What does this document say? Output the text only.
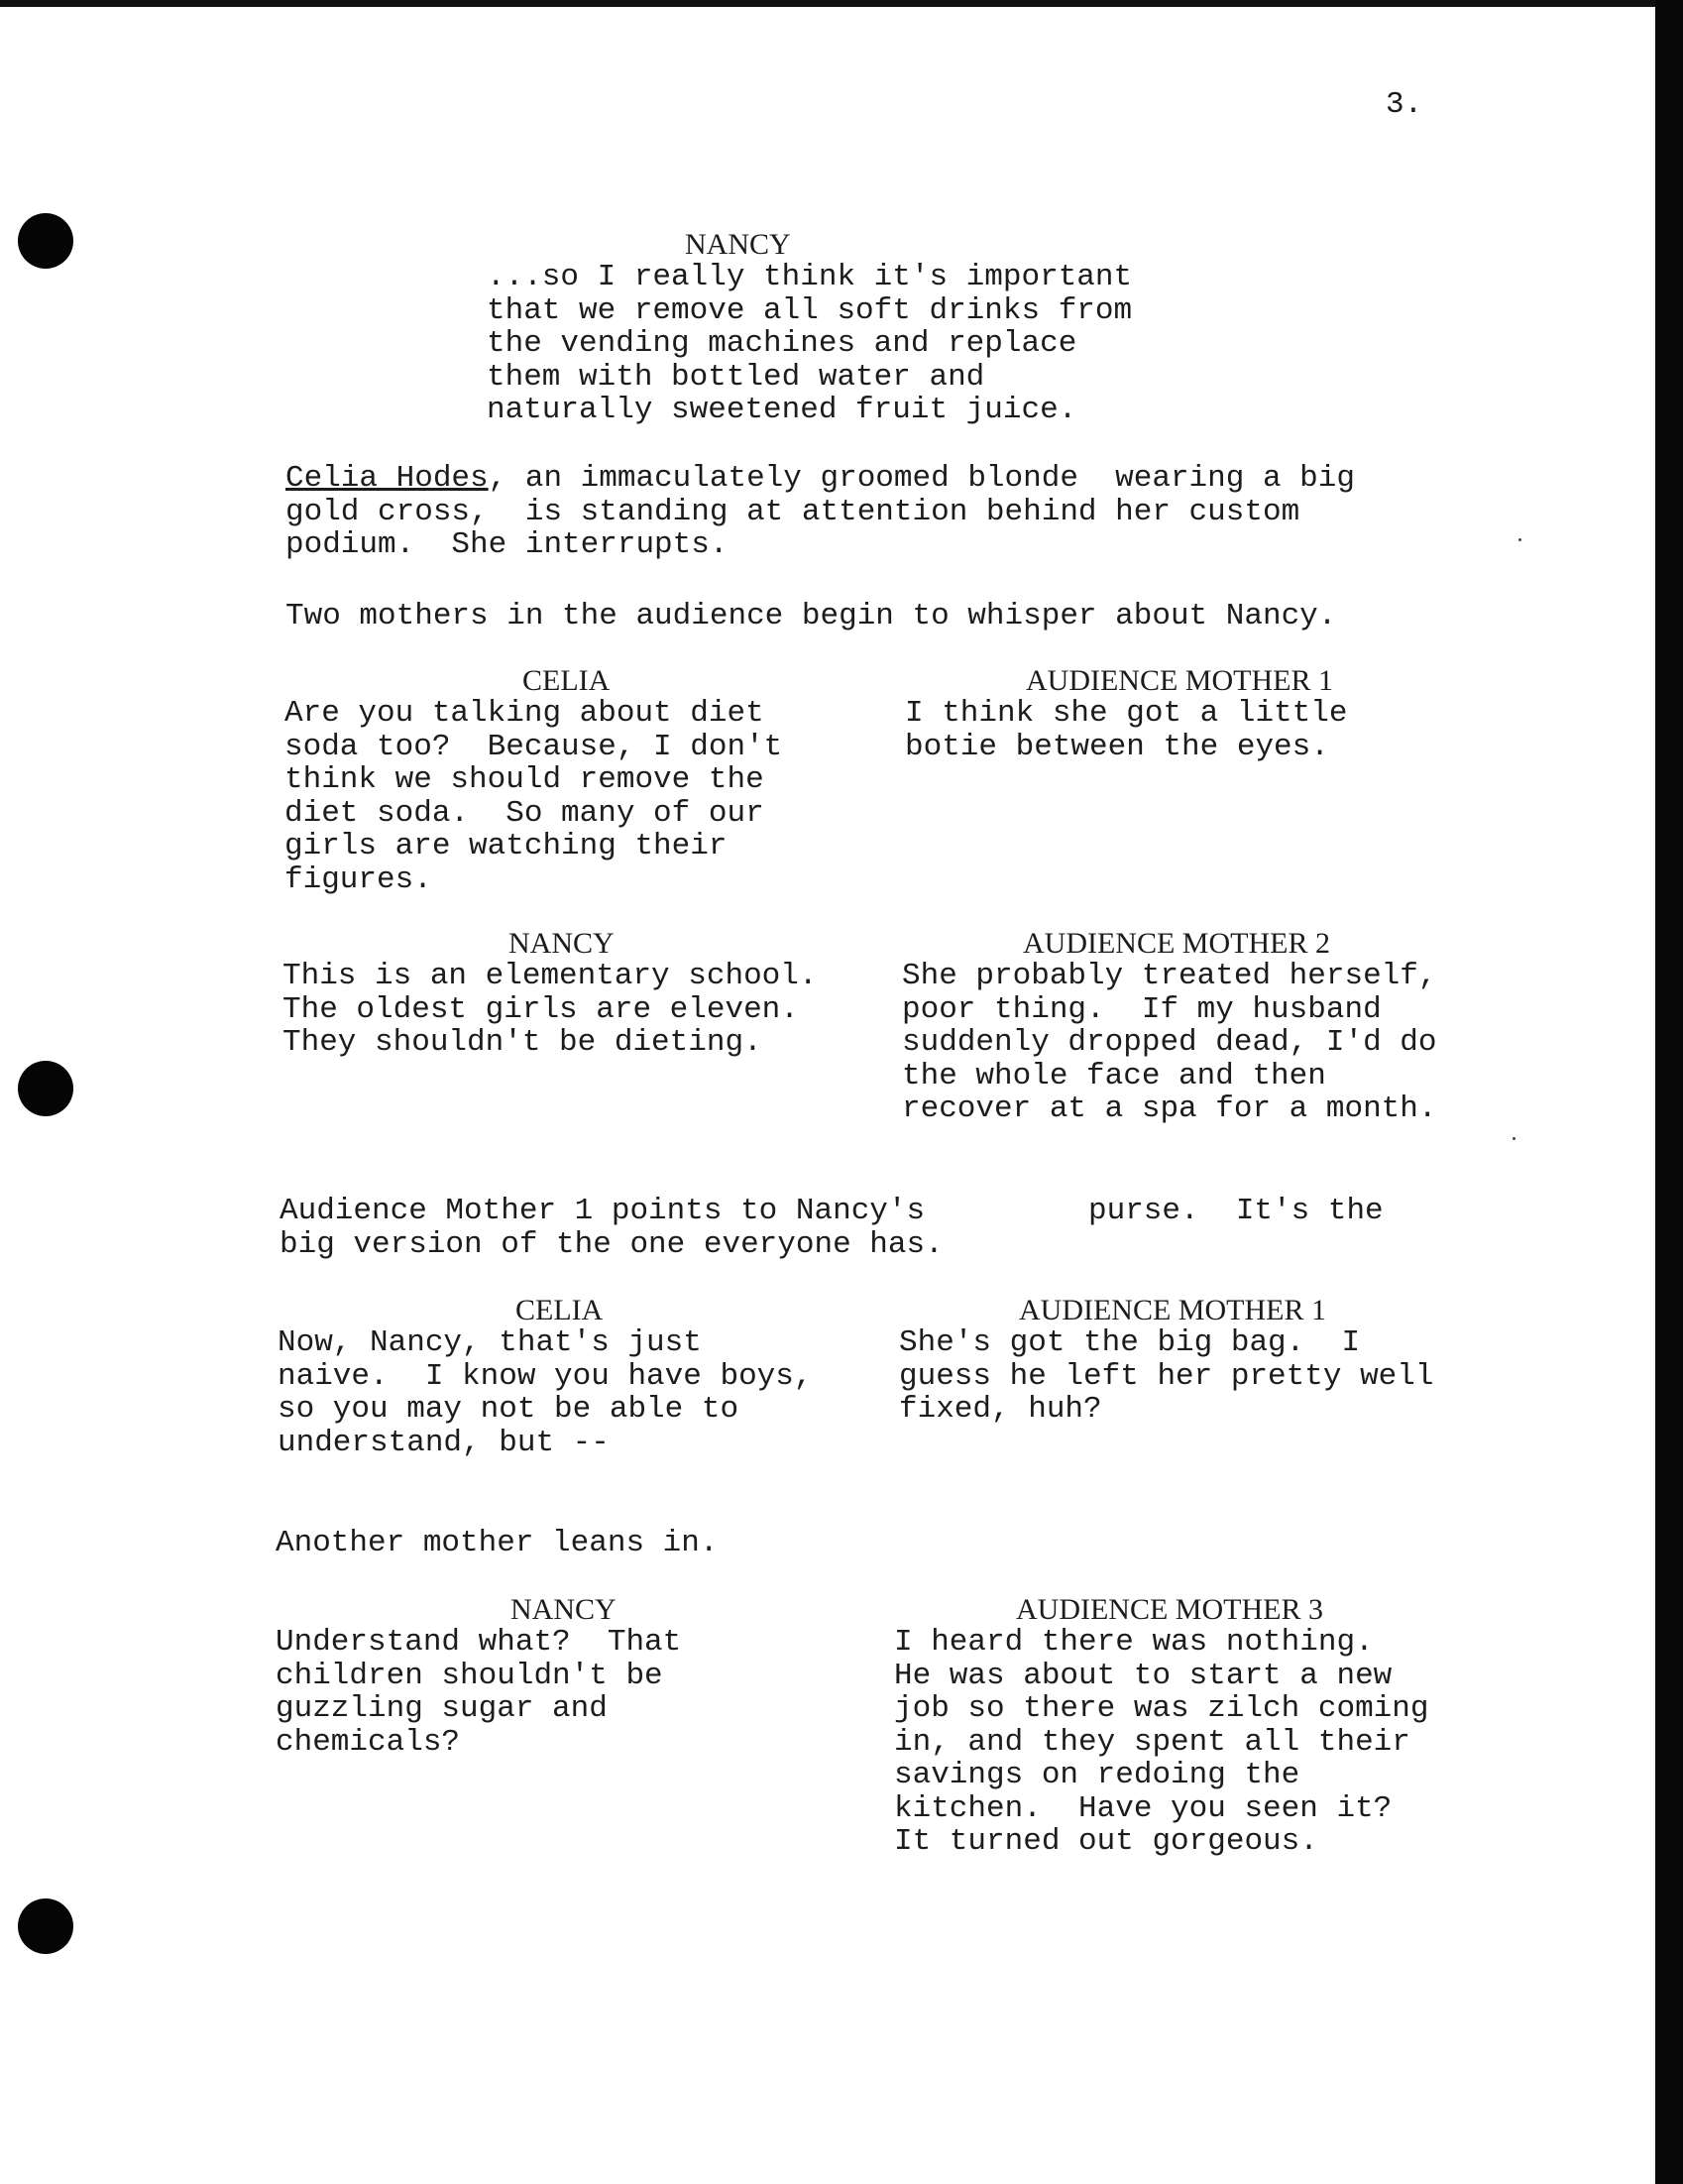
3.
NANCY
...so I really think it's important
that we remove all soft drinks from
the vending machines and replace
them with bottled water and
naturally sweetened fruit juice.
Celia Hodes, an immaculately groomed blonde  wearing a big
gold cross,  is standing at attention behind her custom
podium.  She interrupts.
Two mothers in the audience begin to whisper about Nancy.
CELIA
Are you talking about diet
soda too?  Because, I don't
think we should remove the
diet soda.  So many of our
girls are watching their
figures.
AUDIENCE MOTHER 1
I think she got a little
botie between the eyes.
NANCY
This is an elementary school.
The oldest girls are eleven.
They shouldn't be dieting.
AUDIENCE MOTHER 2
She probably treated herself,
poor thing.  If my husband
suddenly dropped dead, I'd do
the whole face and then
recover at a spa for a month.
Audience Mother 1 points to Nancy's
big version of the one everyone has.
purse.  It's the
CELIA
Now, Nancy, that's just
naive.  I know you have boys,
so you may not be able to
understand, but --
AUDIENCE MOTHER 1
She's got the big bag.  I
guess he left her pretty well
fixed, huh?
Another mother leans in.
NANCY
Understand what?  That
children shouldn't be
guzzling sugar and
chemicals?
AUDIENCE MOTHER 3
I heard there was nothing.
He was about to start a new
job so there was zilch coming
in, and they spent all their
savings on redoing the
kitchen.  Have you seen it?
It turned out gorgeous.
